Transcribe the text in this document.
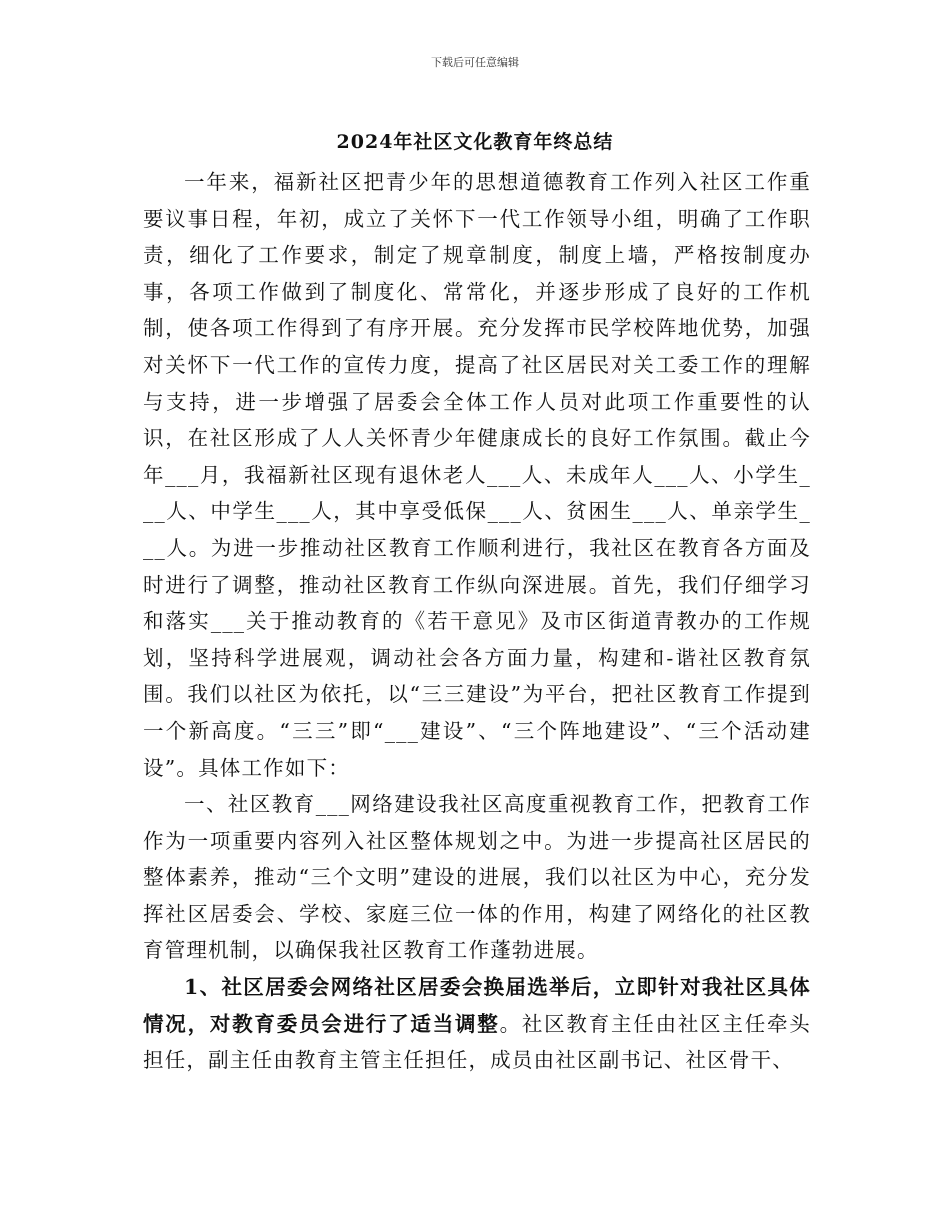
下载后可任意编辑
2024年社区文化教育年终总结

一年来，福新社区把青少年的思想道德教育工作列入社区工作重要议事日程，年初，成立了关怀下一代工作领导小组，明确了工作职责，细化了工作要求，制定了规章制度，制度上墙，严格按制度办事，各项工作做到了制度化、常常化，并逐步形成了良好的工作机制，使各项工作得到了有序开展。充分发挥市民学校阵地优势，加强对关怀下一代工作的宣传力度，提高了社区居民对关工委工作的理解与支持，进一步增强了居委会全体工作人员对此项工作重要性的认识，在社区形成了人人关怀青少年健康成长的良好工作氛围。截止今年___月，我福新社区现有退休老人___人、未成年人___人、小学生___人、中学生___人，其中享受低保___人、贫困生___人、单亲学生___人。为进一步推动社区教育工作顺利进行，我社区在教育各方面及时进行了调整，推动社区教育工作纵向深进展。首先，我们仔细学习和落实___关于推动教育的《若干意见》及市区街道青教办的工作规划，坚持科学进展观，调动社会各方面力量，构建和-谐社区教育氛围。我们以社区为依托，以“三三建设”为平台，把社区教育工作提到一个新高度。“三三”即“___建设”、“三个阵地建设”、“三个活动建设”。具体工作如下：

一、社区教育___网络建设我社区高度重视教育工作，把教育工作作为一项重要内容列入社区整体规划之中。为进一步提高社区居民的整体素养，推动“三个文明”建设的进展，我们以社区为中心，充分发挥社区居委会、学校、家庭三位一体的作用，构建了网络化的社区教育管理机制，以确保我社区教育工作蓬勃进展。

1、社区居委会网络社区居委会换届选举后，立即针对我社区具体情况，对教育委员会进行了适当调整。社区教育主任由社区主任牵头担任，副主任由教育主管主任担任，成员由社区副书记、社区骨干、
